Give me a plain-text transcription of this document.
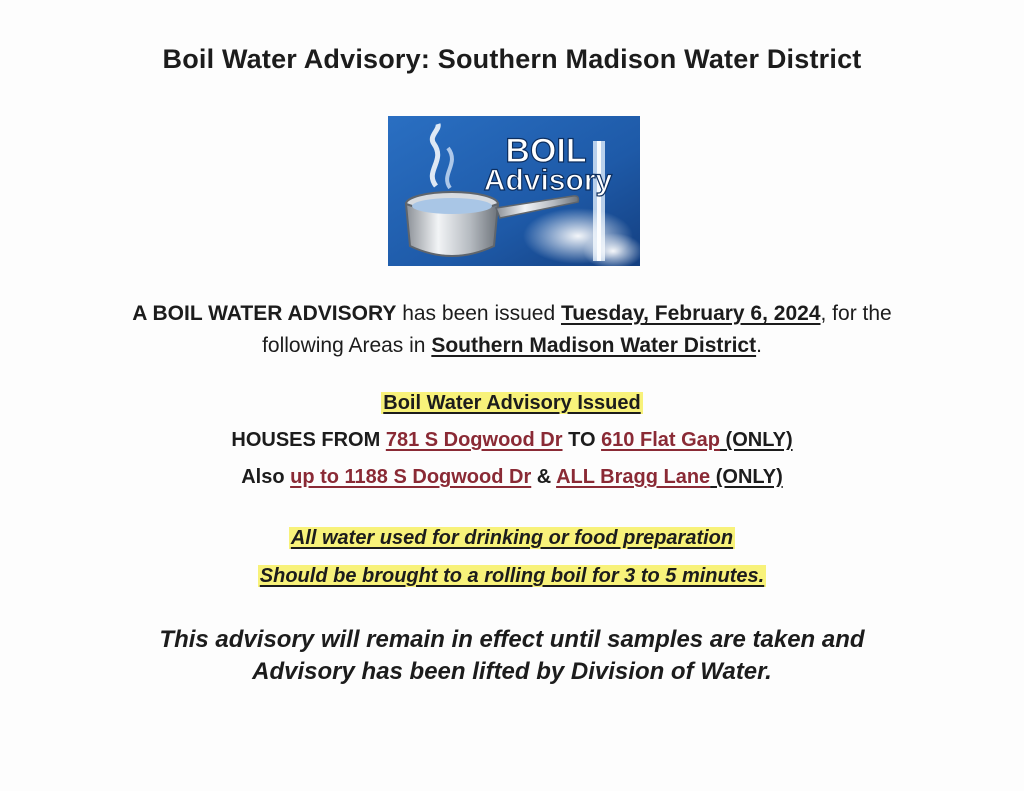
Boil Water Advisory: Southern Madison Water District
BOIL
Advisory
A BOIL WATER ADVISORY has been issued Tuesday, February 6, 2024, for the
following Areas in Southern Madison Water District.
Boil Water Advisory Issued
HOUSES FROM 781 S Dogwood Dr TO 610 Flat Gap (ONLY)
Also up to 1188 S Dogwood Dr & ALL Bragg Lane (ONLY)
All water used for drinking or food preparation
Should be brought to a rolling boil for 3 to 5 minutes.
This advisory will remain in effect until samples are taken and
Advisory has been lifted by Division of Water.
